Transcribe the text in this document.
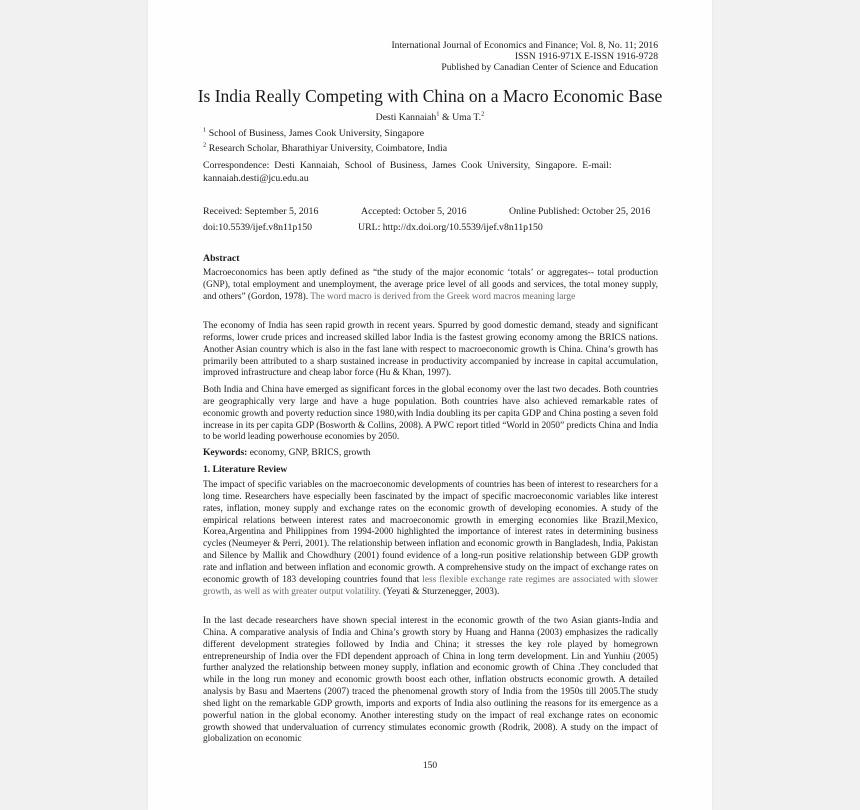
International Journal of Economics and Finance; Vol. 8, No. 11; 2016
ISSN 1916-971X E-ISSN 1916-9728
Published by Canadian Center of Science and Education
Is India Really Competing with China on a Macro Economic Base
Desti Kannaiah$^1$ & Uma T.$^2$
$^1$ School of Business, James Cook University, Singapore
$^2$ Research Scholar, Bharathiyar University, Coimbatore, India
Correspondence:  Desti  Kannaiah,  School  of  Business,  James  Cook  University,  Singapore.  E-mail:
kannaiah.desti@jcu.edu.au
Received: September 5, 2016	Accepted: October 5, 2016	Online Published: October 25, 2016
doi:10.5539/ijef.v8n11p150	URL: http://dx.doi.org/10.5539/ijef.v8n11p150
Abstract
Macroeconomics has been aptly defined as “the study of the major economic ‘totals’ or aggregates-- total production (GNP), total employment and unemployment, the average price level of all goods and services, the total money supply, and others” (Gordon, 1978). The word macro is derived from the Greek word macros meaning large
The economy of India has seen rapid growth in recent years. Spurred by good domestic demand, steady and significant reforms, lower crude prices and increased skilled labor India is the fastest growing economy among the BRICS nations. Another Asian country which is also in the fast lane with respect to macroeconomic growth is China. China’s growth has primarily been attributed to a sharp sustained increase in productivity accompanied by increase in capital accumulation, improved infrastructure and cheap labor force (Hu & Khan, 1997).
Both India and China have emerged as significant forces in the global economy over the last two decades. Both countries are geographically very large and have a huge population. Both countries have also achieved remarkable rates of economic growth and poverty reduction since 1980,with India doubling its per capita GDP and China posting a seven fold increase in its per capita GDP (Bosworth & Collins, 2008). A PWC report titled “World in 2050” predicts China and India to be world leading powerhouse economies by 2050.
Keywords: economy, GNP, BRICS, growth
1. Literature Review
The impact of specific variables on the macroeconomic developments of countries has been of interest to researchers for a long time. Researchers have especially been fascinated by the impact of specific macroeconomic variables like interest rates, inflation, money supply and exchange rates on the economic growth of developing economies. A study of the empirical relations between interest rates and macroeconomic growth in emerging economies like Brazil,Mexico, Korea,Argentina and Philippines from 1994-2000 highlighted the importance of interest rates in determining business cycles (Neumeyer & Perri, 2001). The relationship between inflation and economic growth in Bangladesh, India, Pakistan and Silence by Mallik and Chowdhury (2001) found evidence of a long-run positive relationship between GDP growth rate and inflation and between inflation and economic growth. A comprehensive study on the impact of exchange rates on economic growth of 183 developing countries found that less flexible exchange rate regimes are associated with slower growth, as well as with greater output volatility. (Yeyati & Sturzenegger, 2003).
In the last decade researchers have shown special interest in the economic growth of the two Asian giants-India and China. A comparative analysis of India and China’s growth story by Huang and Hanna (2003) emphasizes the radically different development strategies followed by India and China; it stresses the key role played by homegrown entrepreneurship of India over the FDI dependent approach of China in long term development. Lin and Yunhiu (2005) further analyzed the relationship between money supply, inflation and economic growth of China .They concluded that while in the long run money and economic growth boost each other, inflation obstructs economic growth. A detailed analysis by Basu and Maertens (2007) traced the phenomenal growth story of India from the 1950s till 2005.The study shed light on the remarkable GDP growth, imports and exports of India also outlining the reasons for its emergence as a powerful nation in the global economy. Another interesting study on the impact of real exchange rates on economic growth showed that undervaluation of currency stimulates economic growth (Rodrik, 2008). A study on the impact of globalization on economic
150
